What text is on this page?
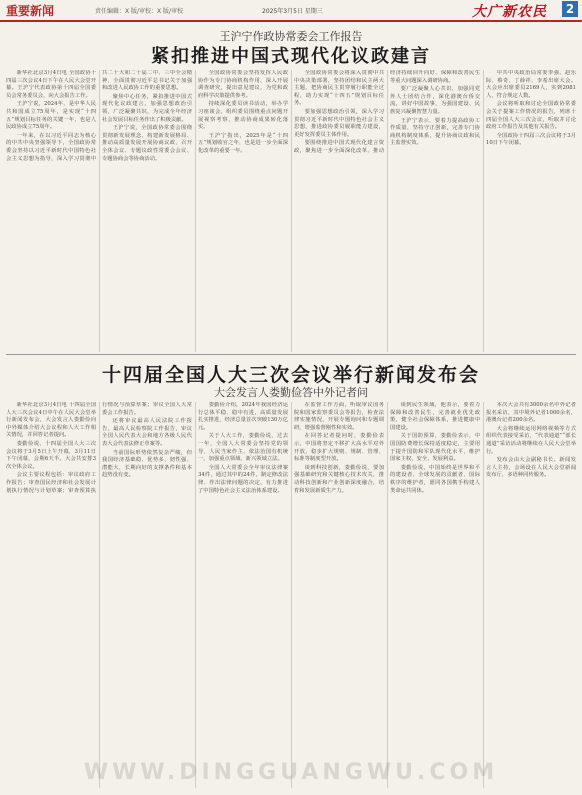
重要新闻	责任编辑：X 版/审校：X 版/审校	2025年3月5日 星期三	大广新农民	2
王沪宁作政协常委会工作报告
紧扣推进中国式现代化议政建言

新华社北京3月4日电 全国政协十四届三次会议4日下午在人民大会堂开幕。王沪宁代表政协第十四届全国委员会常务委员会，向大会报告工作。

王沪宁说，2024年，是中华人民共和国成立75周年，是实现“十四五”规划目标任务的关键一年，也是人民政协成立75周年。

一年来，在以习近平同志为核心的中共中央坚强领导下，全国政协常委会坚持以习近平新时代中国特色社会主义思想为指导，深入学习贯彻中共二十大和二十届二中、三中全会精神，全面贯彻习近平总书记关于加强和改进人民政协工作的重要思想。

聚焦中心任务，紧扣推进中国式现代化议政建言，加强思想政治引领，广泛凝聚共识，为完成全年经济社会发展目标任务作出了积极贡献。

王沪宁说，全国政协常委会围绕贯彻新发展理念、构建新发展格局、推动高质量发展开展协商议政，召开全体会议、专题议政性常委会会议、专题协商会等协商活动。

全国政协常委会坚持发挥人民政协作为专门协商机构作用，深入开展调查研究，提出意见建议，为党和政府科学决策提供参考。

持续深化委员读书活动，举办学习座谈会，组织委员围绕重点问题开展视察考察，推动协商成果转化落实。

王沪宁指出，2025年是“十四五”规划收官之年，也是进一步全面深化改革的重要一年。

全国政协常委会将深入贯彻中共中央决策部署，坚持团结和民主两大主题，把协商民主贯穿履行职能全过程，助力实现“十四五”规划目标任务。

要加强思想政治引领，深入学习贯彻习近平新时代中国特色社会主义思想，推进政协委员履职能力建设，更好发挥委员主体作用。

要围绕推进中国式现代化建言资政，聚焦进一步全面深化改革、推动经济持续回升向好、保障和改善民生等重大问题深入调研协商。

要广泛凝聚人心共识，加强同党外人士团结合作，深化港澳台侨交流，讲好中国故事，为强国建设、民族复兴凝聚智慧力量。

王沪宁表示，要着力提高政协工作质量，坚持守正创新，完善专门协商机构制度体系，提升协商议政和民主监督实效。

中共中央政治局常委李强、赵乐际、蔡奇、丁薛祥、李希出席大会。大会应出席委员2169人，实到2081人，符合规定人数。

会议将听取和讨论全国政协常委会关于提案工作情况的报告，列席十四届全国人大三次会议，听取并讨论政府工作报告及其他有关报告。

全国政协十四届三次会议将于3月10日下午闭幕。

十四届全国人大三次会议举行新闻发布会
大会发言人娄勤俭答中外记者问

新华社北京3月4日电 十四届全国人大三次会议4日中午在人民大会堂举行新闻发布会，大会发言人娄勤俭向中外媒体介绍大会议程和人大工作相关情况，并回答记者提问。

娄勤俭说，十四届全国人大三次会议将于3月5日上午开幕，3月11日下午闭幕，会期6天半。大会共安排3次全体会议。

会议主要议程包括：审议政府工作报告；审查国民经济和社会发展计划执行情况与计划草案；审查预算执行情况与预算草案；审议全国人大常委会工作报告。

还将审议最高人民法院工作报告、最高人民检察院工作报告，审议全国人民代表大会和地方各级人民代表大会代表法修正草案等。

当前国际形势依然复杂严峻，但我国经济基础稳、优势多、韧性强、潜能大，长期向好的支撑条件和基本趋势没有变。

娄勤俭介绍，2024年我国经济运行总体平稳、稳中有进，高质量发展扎实推进，经济总量首次突破130万亿元。

关于人大工作，娄勤俭说，过去一年，全国人大常委会坚持党的领导、人民当家作主、依法治国有机统一，加强重点领域、新兴领域立法。

全国人大常委会全年审议法律案34件，通过其中的24件，制定修改法律、作出法律问题的决定，有力推进了中国特色社会主义法治体系建设。

在监督工作方面，听取审议国务院和国家监察委员会等报告，检查法律实施情况，开展专题询问和专题调研，增强监督刚性和实效。

在回答记者提问时，娄勤俭表示，中国将坚定不移扩大高水平对外开放，稳步扩大规则、规制、管理、标准等制度型开放。

谈到科技创新，娄勤俭说，要加强基础研究和关键核心技术攻关，推动科技创新和产业创新深度融合，培育和发展新质生产力。

谈到民生领域，他表示，要着力保障和改善民生，完善就业优先政策，健全社会保障体系，推进健康中国建设。

关于国防预算，娄勤俭表示，中国国防费增长保持适度稳定，主要用于提升国防和军队现代化水平，维护国家主权、安全、发展利益。

娄勤俭说，中国始终是世界和平的建设者、全球发展的贡献者、国际秩序的维护者，愿同各国携手构建人类命运共同体。

本次大会共有3000余名中外记者报名采访，其中境外记者1000余名，港澳台记者200余名。

大会将继续运用网络视频等方式组织代表接受采访，“代表通道”“部长通道”采访活动将继续在人民大会堂举行。

发布会由大会副秘书长、新闻发言人主持，会场设在人民大会堂新闻发布厅，多语种同传服务。

WWW.DINGGUANGWU.COM
